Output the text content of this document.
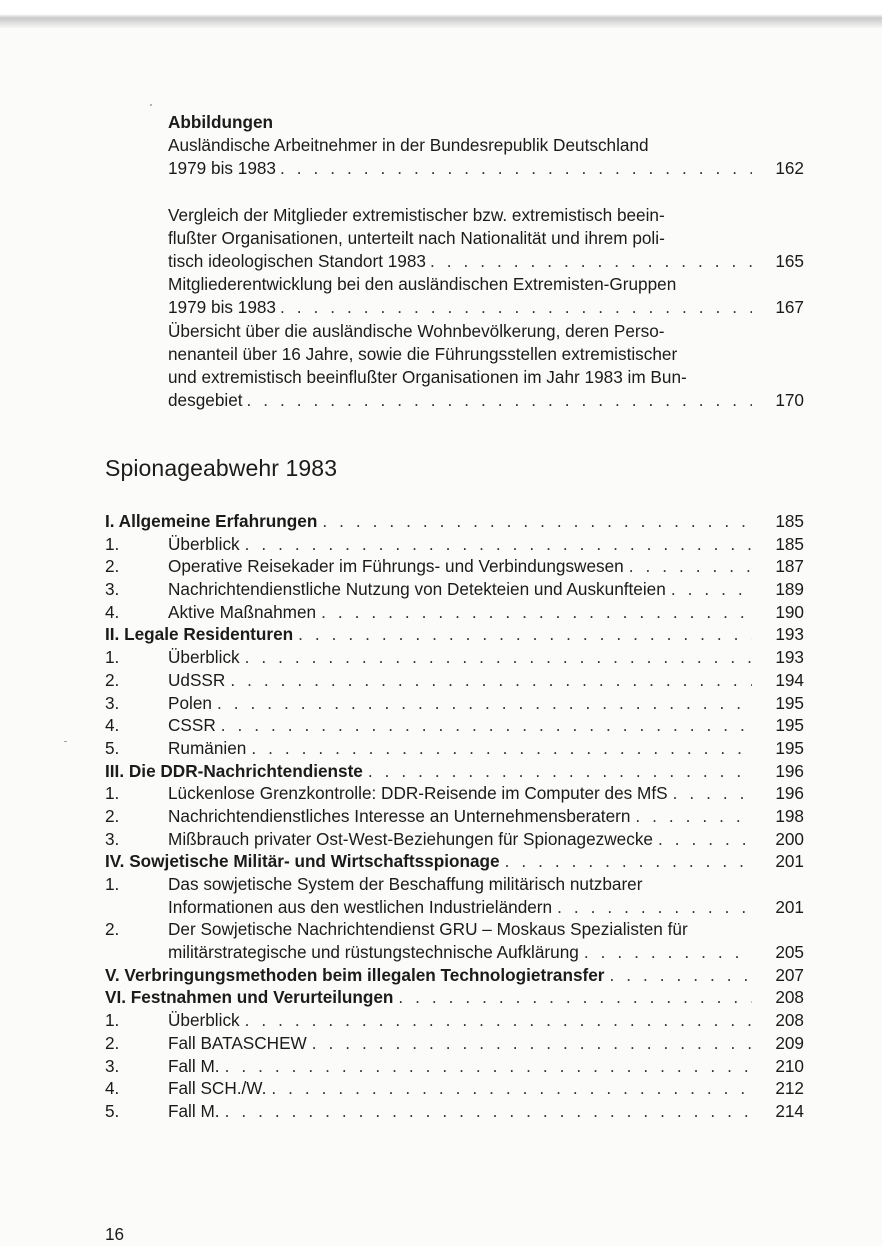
Abbildungen
Ausländische Arbeitnehmer in der Bundesrepublik Deutschland
1979 bis 1983 . . .	162
Vergleich der Mitglieder extremistischer bzw. extremistisch beein-
flußter Organisationen, unterteilt nach Nationalität und ihrem poli-
tisch ideologischen Standort 1983 . . .	165
Mitgliederentwicklung bei den ausländischen Extremisten-Gruppen
1979 bis 1983 . . .	167
Übersicht über die ausländische Wohnbevölkerung, deren Perso-
nenanteil über 16 Jahre, sowie die Führungsstellen extremistischer
und extremistisch beeinflußter Organisationen im Jahr 1983 im Bun-
desgebiet . . .	170
Spionageabwehr 1983
I. Allgemeine Erfahrungen . . .	185
1.	Überblick . . .	185
2.	Operative Reisekader im Führungs- und Verbindungswesen . . .	187
3.	Nachrichtendienstliche Nutzung von Detekteien und Auskunfteien . . .	189
4.	Aktive Maßnahmen . . .	190
II. Legale Residenturen . . .	193
1.	Überblick . . .	193
2.	UdSSR . . .	194
3.	Polen . . .	195
4.	CSSR . . .	195
5.	Rumänien . . .	195
III. Die DDR-Nachrichtendienste . . .	196
1.	Lückenlose Grenzkontrolle: DDR-Reisende im Computer des MfS . . .	196
2.	Nachrichtendienstliches Interesse an Unternehmensberatern . . .	198
3.	Mißbrauch privater Ost-West-Beziehungen für Spionagezwecke . . .	200
IV. Sowjetische Militär- und Wirtschaftsspionage . . .	201
1.	Das sowjetische System der Beschaffung militärisch nutzbarer
Informationen aus den westlichen Industrieländern . . .	201
2.	Der Sowjetische Nachrichtendienst GRU – Moskaus Spezialisten für
militärstrategische und rüstungstechnische Aufklärung . . .	205
V. Verbringungsmethoden beim illegalen Technologietransfer . . .	207
VI. Festnahmen und Verurteilungen . . .	208
1.	Überblick . . .	208
2.	Fall BATASCHEW . . .	209
3.	Fall M. . . .	210
4.	Fall SCH./W. . . .	212
5.	Fall M. . . .	214
16
